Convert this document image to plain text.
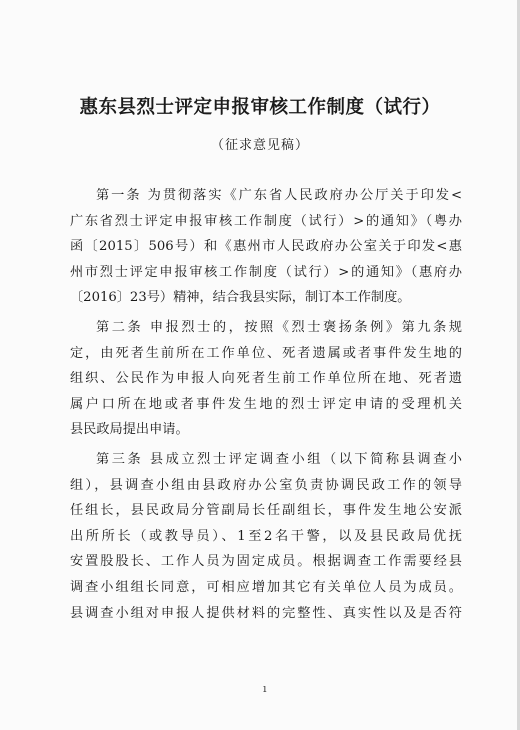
惠东县烈士评定申报审核工作制度（试行）
（征求意见稿）
第一条 为贯彻落实《广东省人民政府办公厅关于印发<
广东省烈士评定申报审核工作制度（试行）>的通知》（粤办
函〔2015〕506号）和《惠州市人民政府办公室关于印发<惠
州市烈士评定申报审核工作制度（试行）>的通知》（惠府办
〔2016〕23号）精神，结合我县实际，制订本工作制度。
第二条 申报烈士的，按照《烈士褒扬条例》第九条规
定，由死者生前所在工作单位、死者遗属或者事件发生地的
组织、公民作为申报人向死者生前工作单位所在地、死者遗
属户口所在地或者事件发生地的烈士评定申请的受理机关
县民政局提出申请。
第三条 县成立烈士评定调查小组（以下简称县调查小
组），县调查小组由县政府办公室负责协调民政工作的领导
任组长，县民政局分管副局长任副组长，事件发生地公安派
出所所长（或教导员）、1至2名干警，以及县民政局优抚
安置股股长、工作人员为固定成员。根据调查工作需要经县
调查小组组长同意，可相应增加其它有关单位人员为成员。
县调查小组对申报人提供材料的完整性、真实性以及是否符
ı
